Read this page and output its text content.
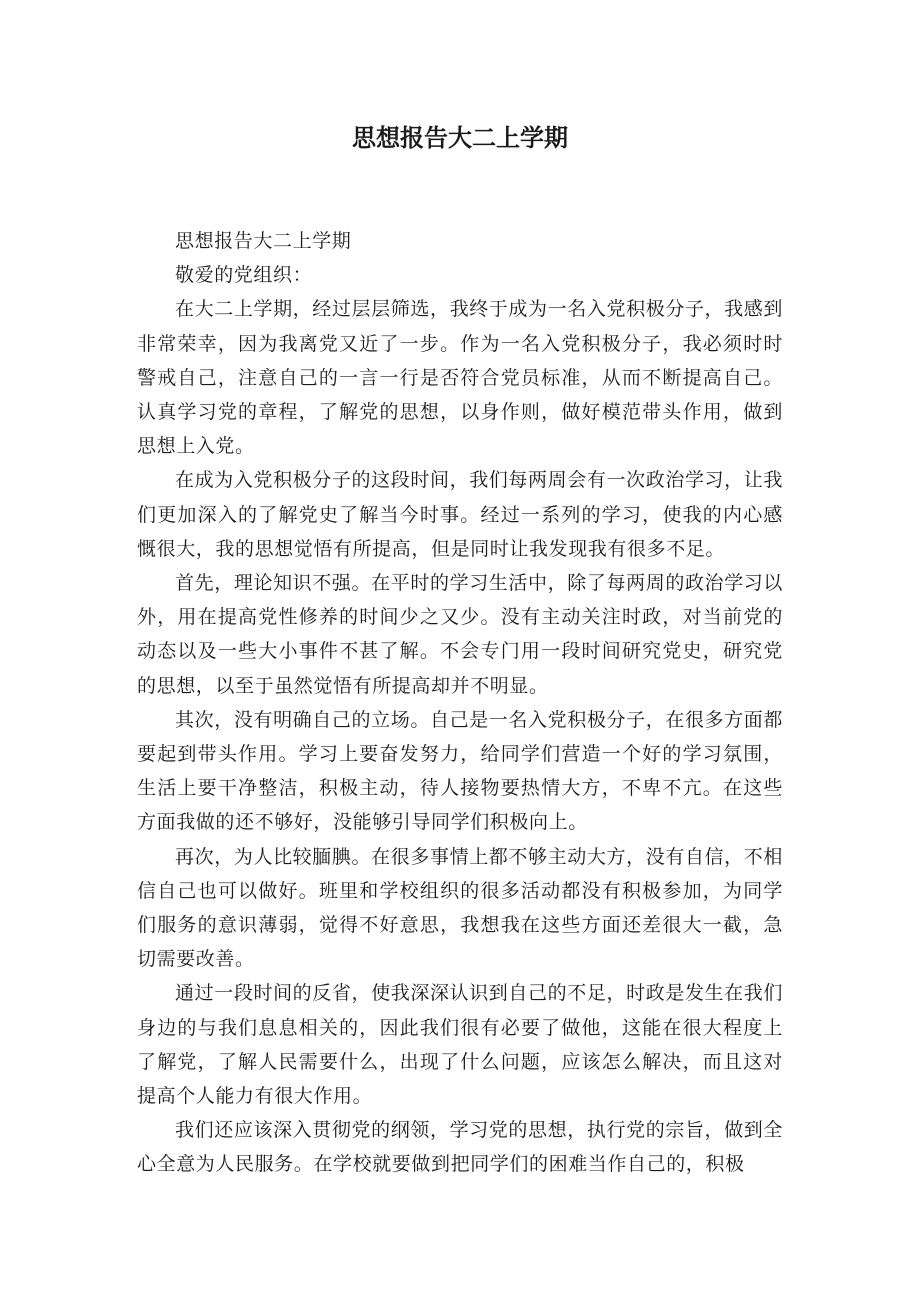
思想报告大二上学期

思想报告大二上学期

敬爱的党组织：

在大二上学期，经过层层筛选，我终于成为一名入党积极分子，我感到非常荣幸，因为我离党又近了一步。作为一名入党积极分子，我必须时时警戒自己，注意自己的一言一行是否符合党员标准，从而不断提高自己。认真学习党的章程，了解党的思想，以身作则，做好模范带头作用，做到思想上入党。

在成为入党积极分子的这段时间，我们每两周会有一次政治学习，让我们更加深入的了解党史了解当今时事。经过一系列的学习，使我的内心感慨很大，我的思想觉悟有所提高，但是同时让我发现我有很多不足。

首先，理论知识不强。在平时的学习生活中，除了每两周的政治学习以外，用在提高党性修养的时间少之又少。没有主动关注时政，对当前党的动态以及一些大小事件不甚了解。不会专门用一段时间研究党史，研究党的思想，以至于虽然觉悟有所提高却并不明显。

其次，没有明确自己的立场。自己是一名入党积极分子，在很多方面都要起到带头作用。学习上要奋发努力，给同学们营造一个好的学习氛围，生活上要干净整洁，积极主动，待人接物要热情大方，不卑不亢。在这些方面我做的还不够好，没能够引导同学们积极向上。

再次，为人比较腼腆。在很多事情上都不够主动大方，没有自信，不相信自己也可以做好。班里和学校组织的很多活动都没有积极参加，为同学们服务的意识薄弱，觉得不好意思，我想我在这些方面还差很大一截，急切需要改善。

通过一段时间的反省，使我深深认识到自己的不足，时政是发生在我们身边的与我们息息相关的，因此我们很有必要了做他，这能在很大程度上了解党，了解人民需要什么，出现了什么问题，应该怎么解决，而且这对提高个人能力有很大作用。

我们还应该深入贯彻党的纲领，学习党的思想，执行党的宗旨，做到全心全意为人民服务。在学校就要做到把同学们的困难当作自己的，积极
